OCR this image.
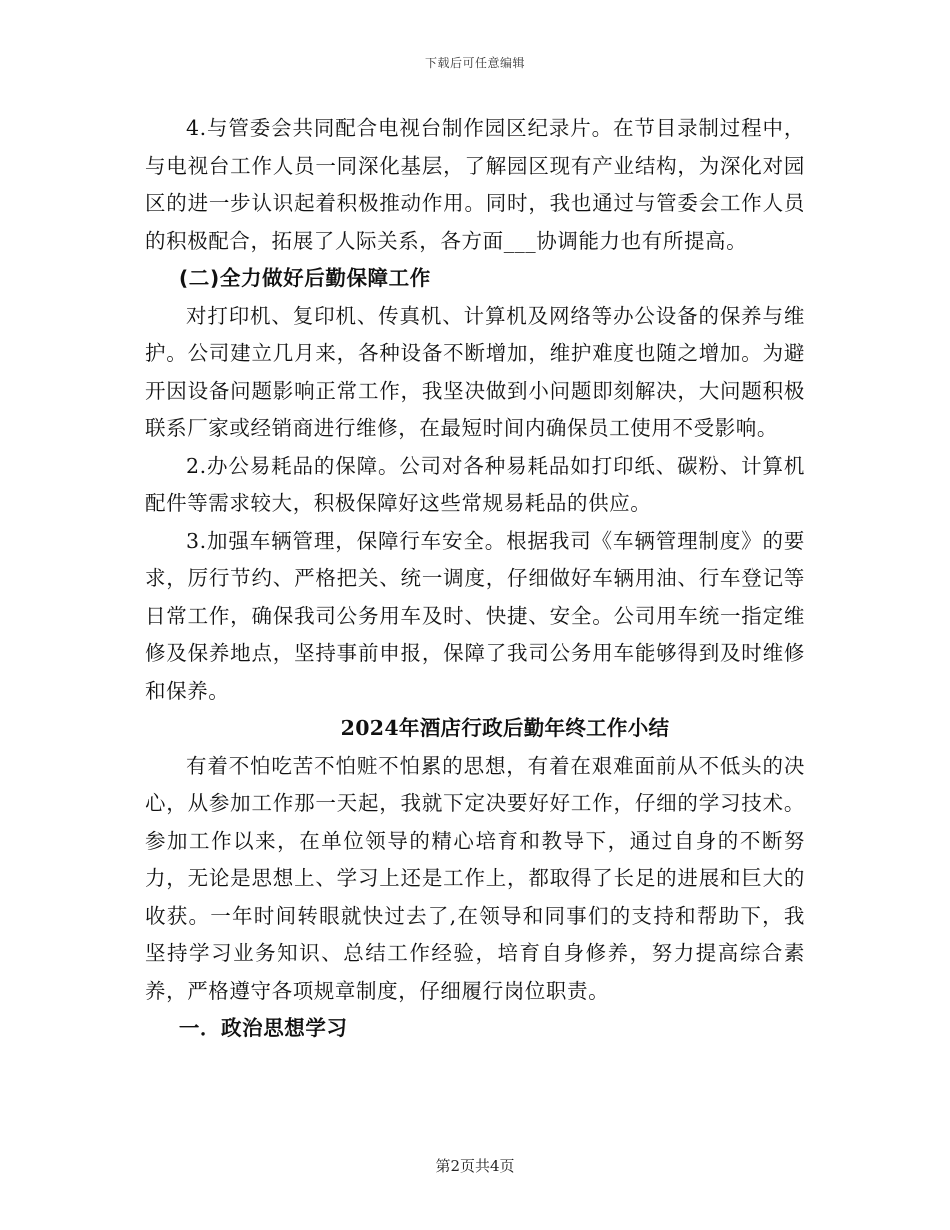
下载后可任意编辑

4.与管委会共同配合电视台制作园区纪录片。在节目录制过程中，与电视台工作人员一同深化基层，了解园区现有产业结构，为深化对园区的进一步认识起着积极推动作用。同时，我也通过与管委会工作人员的积极配合，拓展了人际关系，各方面___协调能力也有所提高。

(二)全力做好后勤保障工作

对打印机、复印机、传真机、计算机及网络等办公设备的保养与维护。公司建立几月来，各种设备不断增加，维护难度也随之增加。为避开因设备问题影响正常工作，我坚决做到小问题即刻解决，大问题积极联系厂家或经销商进行维修，在最短时间内确保员工使用不受影响。

2.办公易耗品的保障。公司对各种易耗品如打印纸、碳粉、计算机配件等需求较大，积极保障好这些常规易耗品的供应。

3.加强车辆管理，保障行车安全。根据我司《车辆管理制度》的要求，厉行节约、严格把关、统一调度，仔细做好车辆用油、行车登记等日常工作，确保我司公务用车及时、快捷、安全。公司用车统一指定维修及保养地点，坚持事前申报，保障了我司公务用车能够得到及时维修和保养。

2024年酒店行政后勤年终工作小结

有着不怕吃苦不怕赃不怕累的思想，有着在艰难面前从不低头的决心，从参加工作那一天起，我就下定决要好好工作，仔细的学习技术。参加工作以来，在单位领导的精心培育和教导下，通过自身的不断努力，无论是思想上、学习上还是工作上，都取得了长足的进展和巨大的收获。一年时间转眼就快过去了,在领导和同事们的支持和帮助下，我坚持学习业务知识、总结工作经验，培育自身修养，努力提高综合素养，严格遵守各项规章制度，仔细履行岗位职责。

一．政治思想学习

第2页共4页
